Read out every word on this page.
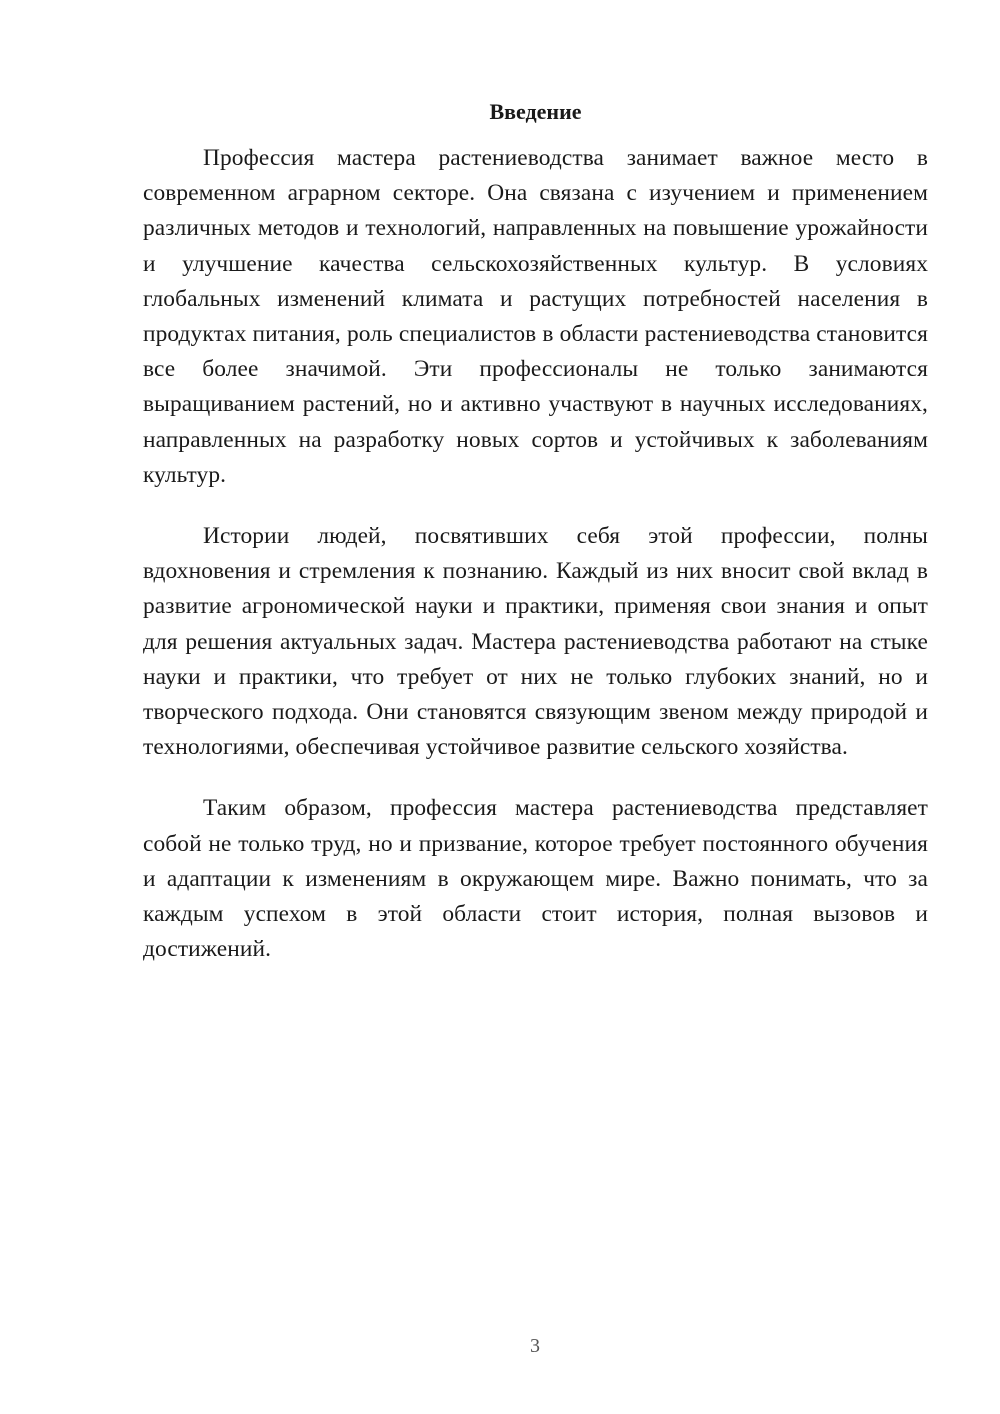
Введение

Профессия мастера растениеводства занимает важное место в современном аграрном секторе. Она связана с изучением и применением различных методов и технологий, направленных на повышение урожайности и улучшение качества сельскохозяйственных культур. В условиях глобальных изменений климата и растущих потребностей населения в продуктах питания, роль специалистов в области растениеводства становится все более значимой. Эти профессионалы не только занимаются выращиванием растений, но и активно участвуют в научных исследованиях, направленных на разработку новых сортов и устойчивых к заболеваниям культур.

Истории людей, посвятивших себя этой профессии, полны вдохновения и стремления к познанию. Каждый из них вносит свой вклад в развитие агрономической науки и практики, применяя свои знания и опыт для решения актуальных задач. Мастера растениеводства работают на стыке науки и практики, что требует от них не только глубоких знаний, но и творческого подхода. Они становятся связующим звеном между природой и технологиями, обеспечивая устойчивое развитие сельского хозяйства.

Таким образом, профессия мастера растениеводства представляет собой не только труд, но и призвание, которое требует постоянного обучения и адаптации к изменениям в окружающем мире. Важно понимать, что за каждым успехом в этой области стоит история, полная вызовов и достижений.

3
